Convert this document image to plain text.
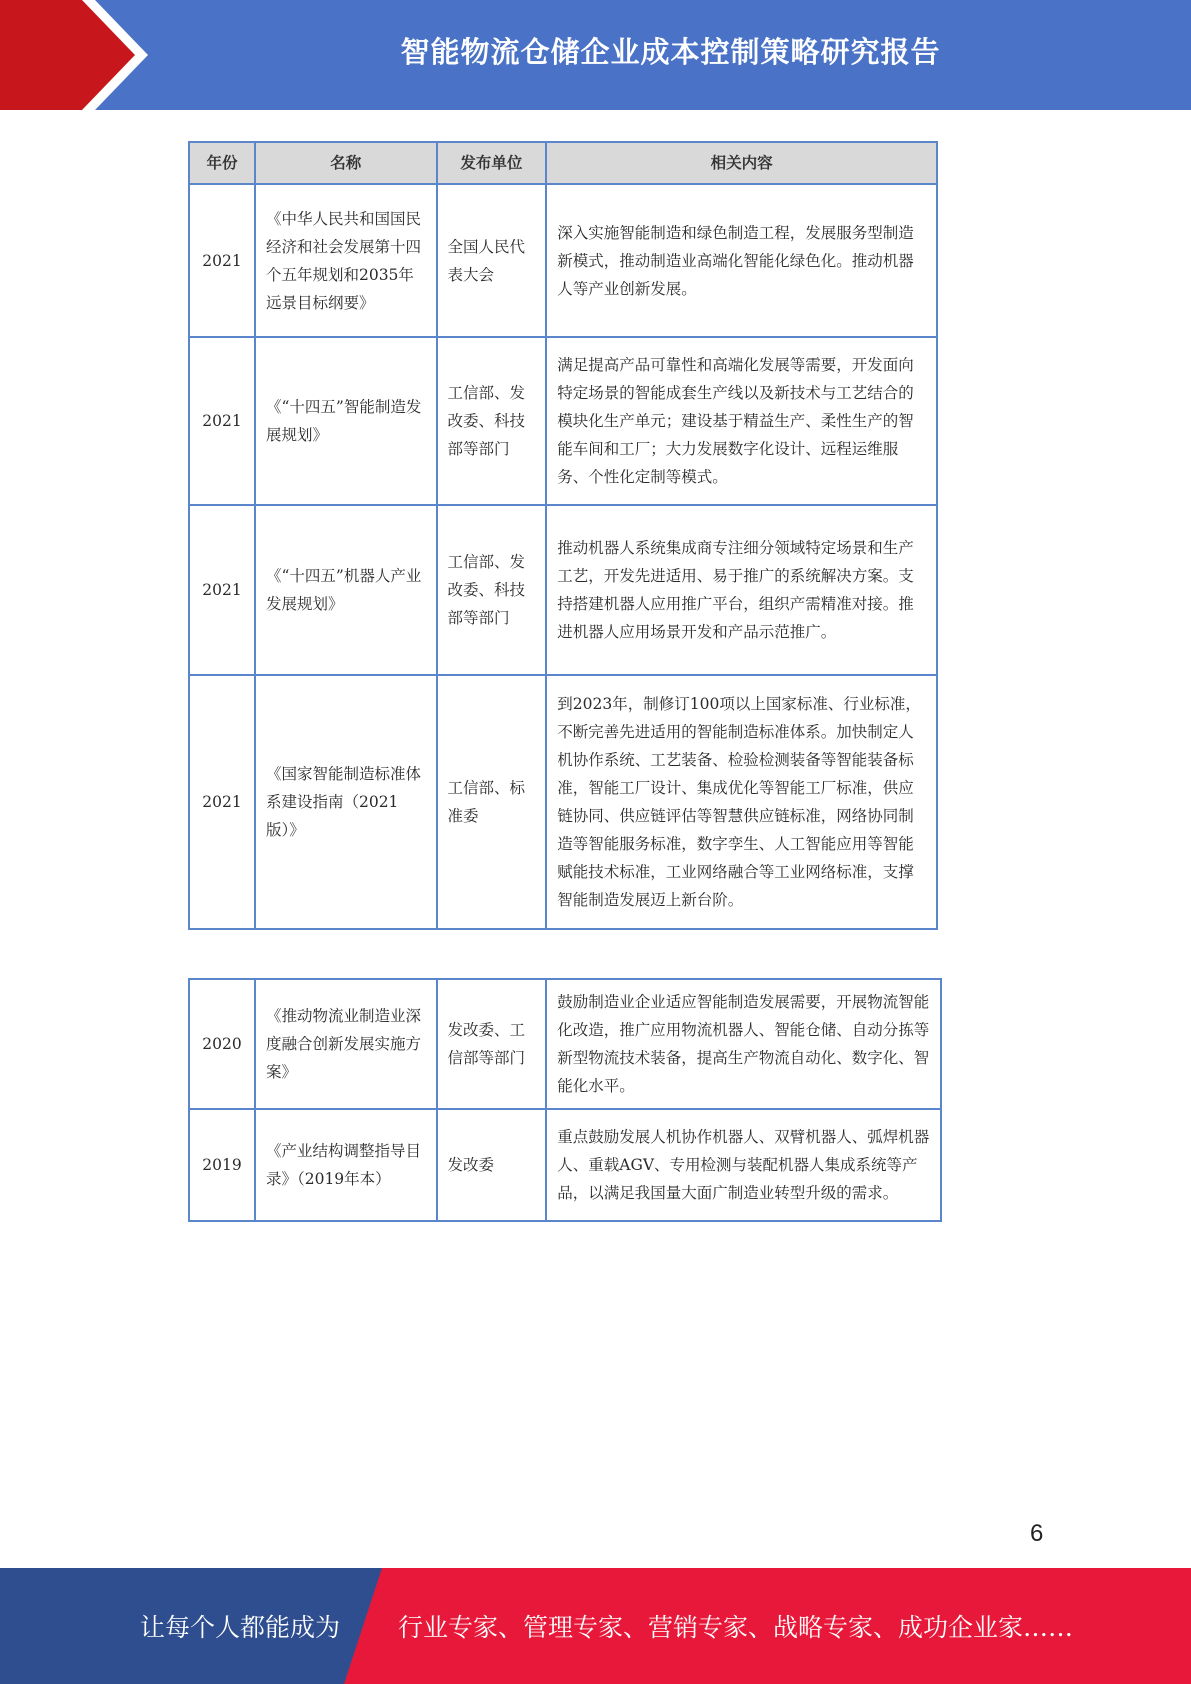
智能物流仓储企业成本控制策略研究报告
年份	名称	发布单位	相关内容
2021	《中华人民共和国国民经济和社会发展第十四个五年规划和2035年远景目标纲要》	全国人民代表大会	深入实施智能制造和绿色制造工程，发展服务型制造新模式，推动制造业高端化智能化绿色化。推动机器人等产业创新发展。
2021	《“十四五”智能制造发展规划》	工信部、发改委、科技部等部门	满足提高产品可靠性和高端化发展等需要，开发面向特定场景的智能成套生产线以及新技术与工艺结合的模块化生产单元；建设基于精益生产、柔性生产的智能车间和工厂；大力发展数字化设计、远程运维服务、个性化定制等模式。
2021	《“十四五”机器人产业发展规划》	工信部、发改委、科技部等部门	推动机器人系统集成商专注细分领域特定场景和生产工艺，开发先进适用、易于推广的系统解决方案。支持搭建机器人应用推广平台，组织产需精准对接。推进机器人应用场景开发和产品示范推广。
2021	《国家智能制造标准体系建设指南（2021版）》	工信部、标准委	到2023年，制修订100项以上国家标准、行业标准，不断完善先进适用的智能制造标准体系。加快制定人机协作系统、工艺装备、检验检测装备等智能装备标准，智能工厂设计、集成优化等智能工厂标准，供应链协同、供应链评估等智慧供应链标准，网络协同制造等智能服务标准，数字孪生、人工智能应用等智能赋能技术标准，工业网络融合等工业网络标准，支撑智能制造发展迈上新台阶。
2020	《推动物流业制造业深度融合创新发展实施方案》	发改委、工信部等部门	鼓励制造业企业适应智能制造发展需要，开展物流智能化改造，推广应用物流机器人、智能仓储、自动分拣等新型物流技术装备，提高生产物流自动化、数字化、智能化水平。
2019	《产业结构调整指导目录》（2019年本）	发改委	重点鼓励发展人机协作机器人、双臂机器人、弧焊机器人、重载AGV、专用检测与装配机器人集成系统等产品，以满足我国量大面广制造业转型升级的需求。
6
让每个人都能成为 行业专家、管理专家、营销专家、战略专家、成功企业家……
